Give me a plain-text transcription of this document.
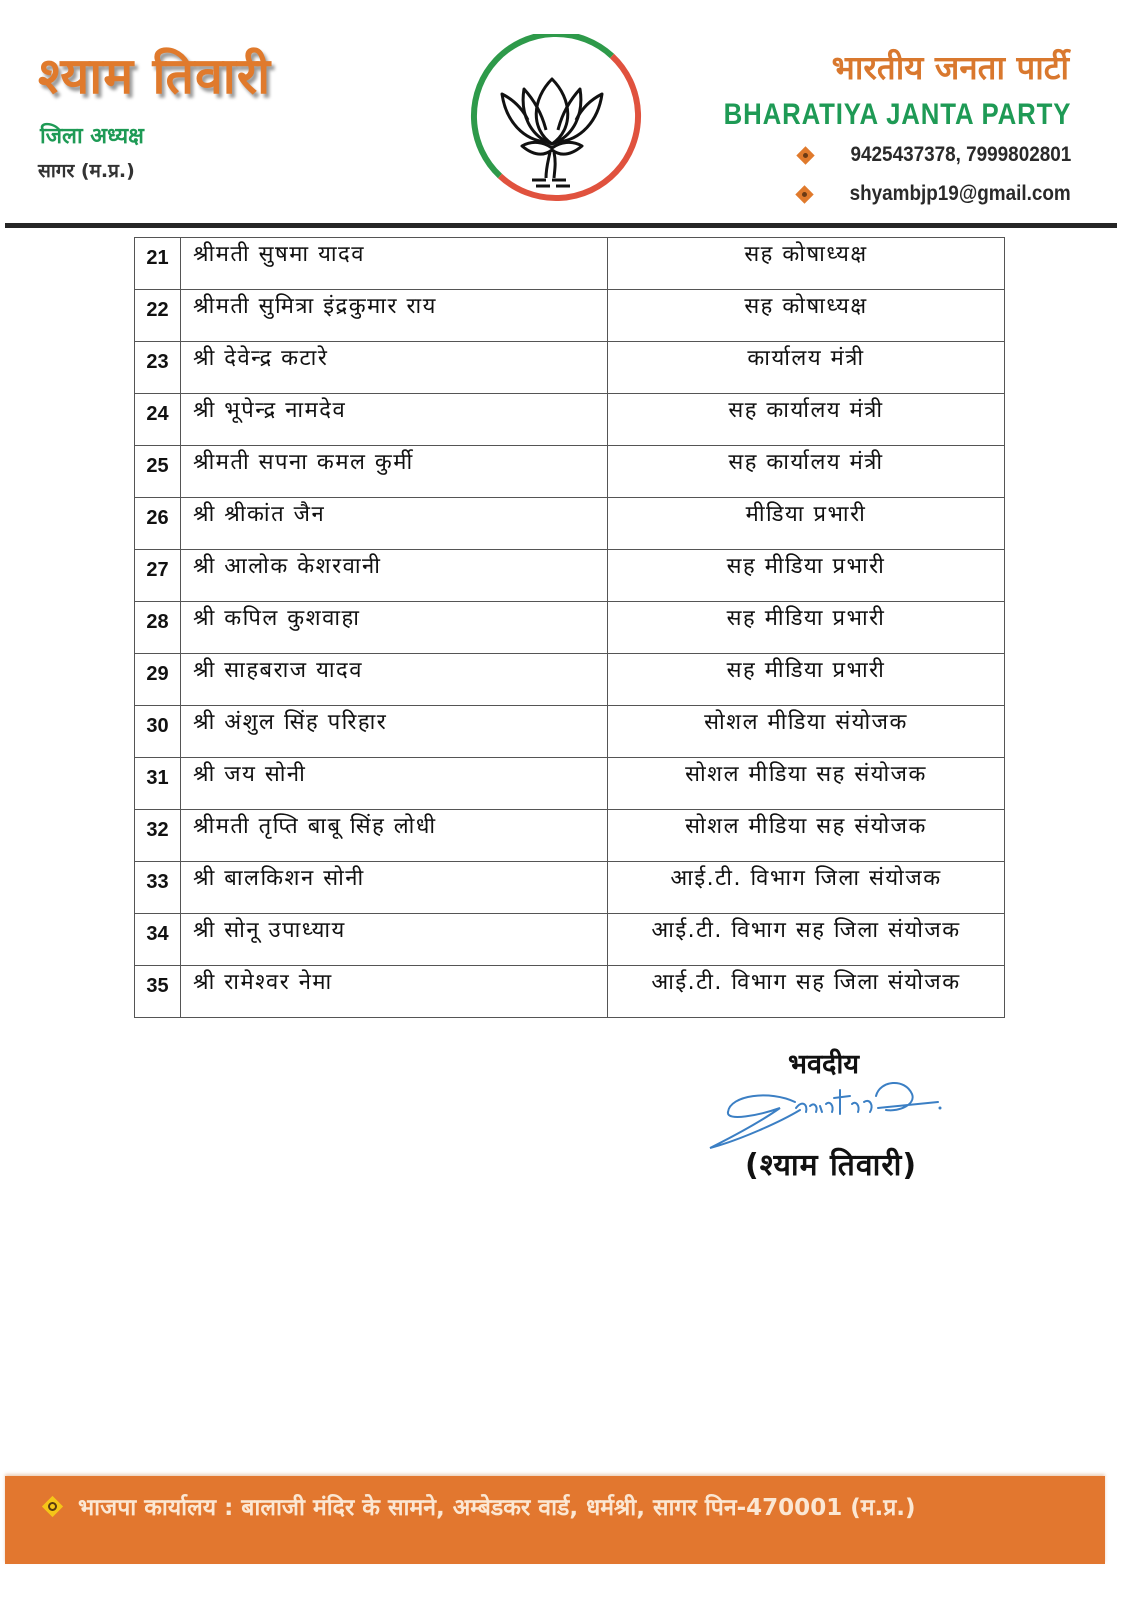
श्याम तिवारी
जिला अध्यक्ष
सागर (म.प्र.)
भारतीय जनता पार्टी
BHARATIYA JANTA PARTY
9425437378, 7999802801
shyambjp19@gmail.com
21	श्रीमती सुषमा यादव	सह कोषाध्यक्ष
22	श्रीमती सुमित्रा इंद्रकुमार राय	सह कोषाध्यक्ष
23	श्री देवेन्द्र कटारे	कार्यालय मंत्री
24	श्री भूपेन्द्र नामदेव	सह कार्यालय मंत्री
25	श्रीमती सपना कमल कुर्मी	सह कार्यालय मंत्री
26	श्री श्रीकांत जैन	मीडिया प्रभारी
27	श्री आलोक केशरवानी	सह मीडिया प्रभारी
28	श्री कपिल कुशवाहा	सह मीडिया प्रभारी
29	श्री साहबराज यादव	सह मीडिया प्रभारी
30	श्री अंशुल सिंह परिहार	सोशल मीडिया संयोजक
31	श्री जय सोनी	सोशल मीडिया सह संयोजक
32	श्रीमती तृप्ति बाबू सिंह लोधी	सोशल मीडिया सह संयोजक
33	श्री बालकिशन सोनी	आई.टी. विभाग जिला संयोजक
34	श्री सोनू उपाध्याय	आई.टी. विभाग सह जिला संयोजक
35	श्री रामेश्वर नेमा	आई.टी. विभाग सह जिला संयोजक
भवदीय
(श्याम तिवारी)
भाजपा कार्यालय : बालाजी मंदिर के सामने, अम्बेडकर वार्ड, धर्मश्री, सागर पिन-470001 (म.प्र.)
